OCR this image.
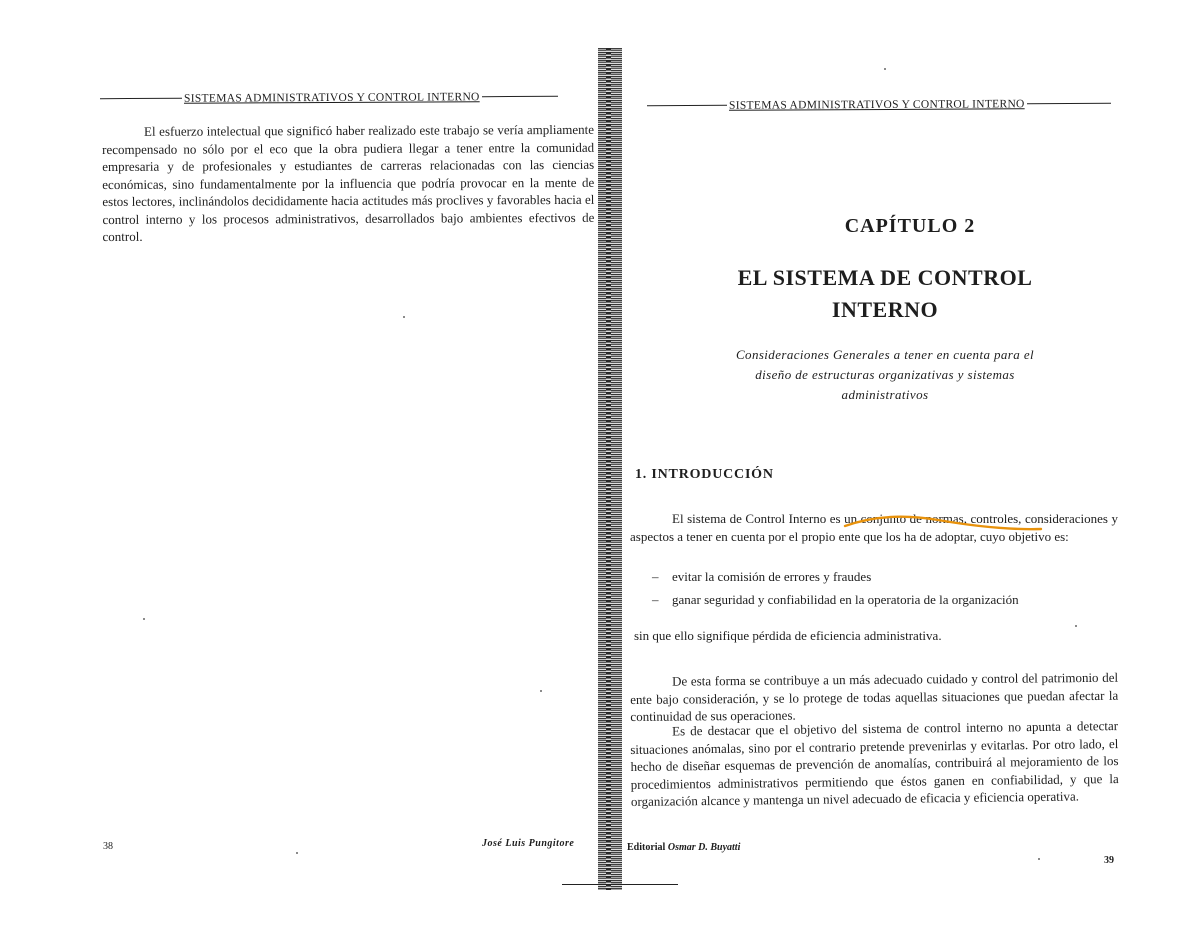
SISTEMAS ADMINISTRATIVOS Y CONTROL INTERNO

El esfuerzo intelectual que significó haber realizado este trabajo se vería ampliamente recompensado no sólo por el eco que la obra pudiera llegar a tener entre la comunidad empresaria y de profesionales y estudiantes de carreras relacionadas con las ciencias económicas, sino fundamentalmente por la influencia que podría provocar en la mente de estos lectores, inclinándolos decididamente hacia actitudes más proclives y favorables hacia el control interno y los procesos administrativos, desarrollados bajo ambientes efectivos de control.

38	José Luis Pungitore
SISTEMAS ADMINISTRATIVOS Y CONTROL INTERNO
CAPÍTULO 2

EL SISTEMA DE CONTROL INTERNO

Consideraciones Generales a tener en cuenta para el diseño de estructuras organizativas y sistemas administrativos

1. INTRODUCCIÓN

El sistema de Control Interno es un conjunto de normas, controles, consideraciones y aspectos a tener en cuenta por el propio ente que los ha de adoptar, cuyo objetivo es:

– evitar la comisión de errores y fraudes
– ganar seguridad y confiabilidad en la operatoria de la organización

sin que ello signifique pérdida de eficiencia administrativa.

De esta forma se contribuye a un más adecuado cuidado y control del patrimonio del ente bajo consideración, y se lo protege de todas aquellas situaciones que puedan afectar la continuidad de sus operaciones.

Es de destacar que el objetivo del sistema de control interno no apunta a detectar situaciones anómalas, sino por el contrario pretende prevenirlas y evitarlas. Por otro lado, el hecho de diseñar esquemas de prevención de anomalías, contribuirá al mejoramiento de los procedimientos administrativos permitiendo que éstos ganen en confiabilidad, y que la organización alcance y mantenga un nivel adecuado de eficacia y eficiencia operativa.

Editorial Osmar D. Buyatti
39
